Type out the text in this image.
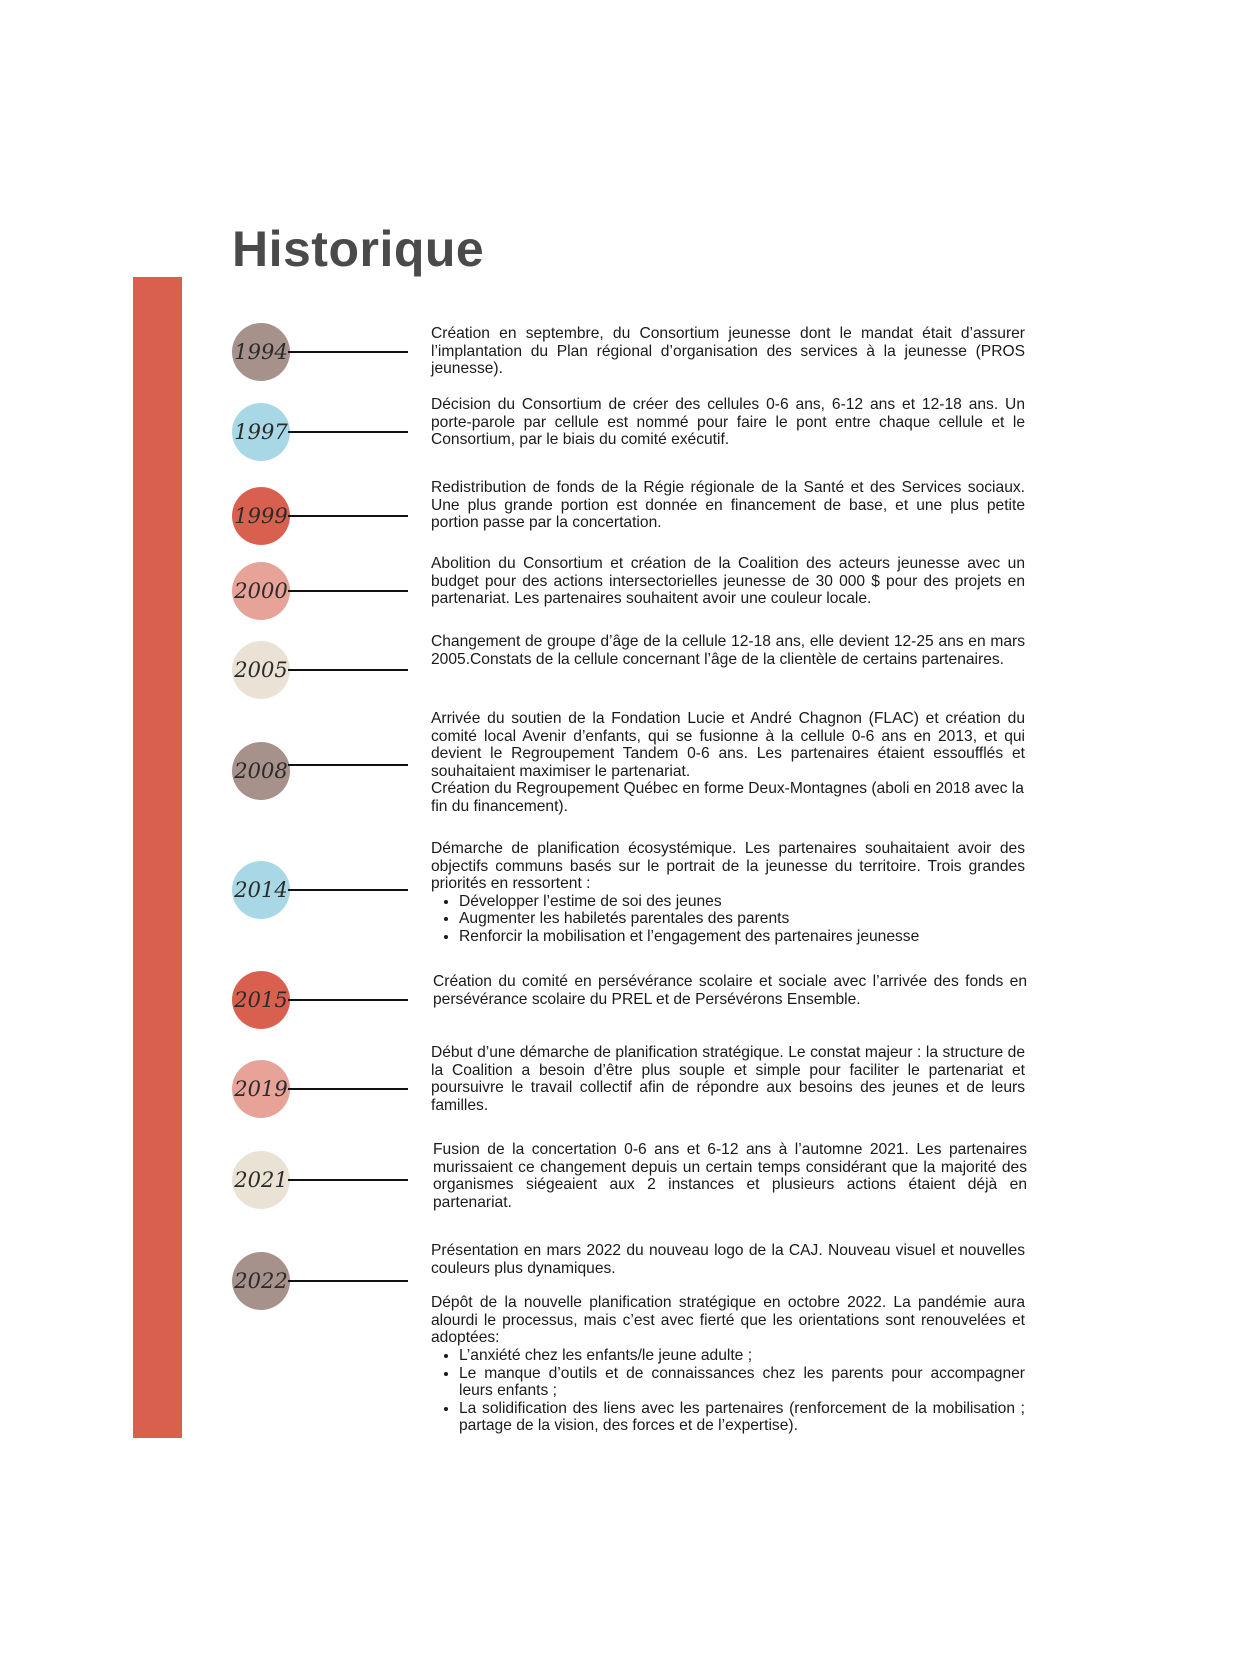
Historique
1994

Création en septembre, du Consortium jeunesse dont le mandat était d’assurer l’implantation du Plan régional d’organisation des services à la jeunesse (PROS jeunesse).

1997

Décision du Consortium de créer des cellules 0-6 ans, 6-12 ans et 12-18 ans. Un porte-parole par cellule est nommé pour faire le pont entre chaque cellule et le Consortium, par le biais du comité exécutif.

1999

Redistribution de fonds de la Régie régionale de la Santé et des Services sociaux. Une plus grande portion est donnée en financement de base, et une plus petite portion passe par la concertation.

2000

Abolition du Consortium et création de la Coalition des acteurs jeunesse avec un budget pour des actions intersectorielles jeunesse de 30 000 $ pour des projets en partenariat. Les partenaires souhaitent avoir une couleur locale.

2005

Changement de groupe d’âge de la cellule 12-18 ans, elle devient 12-25 ans en mars 2005.Constats de la cellule concernant l’âge de la clientèle de certains partenaires.

2008

Arrivée du soutien de la Fondation Lucie et André Chagnon (FLAC) et création du comité local Avenir d’enfants, qui se fusionne à la cellule 0-6 ans en 2013, et qui devient le Regroupement Tandem 0-6 ans. Les partenaires étaient essoufflés et souhaitaient maximiser le partenariat.

Création du Regroupement Québec en forme Deux-Montagnes (aboli en 2018 avec la fin du financement).

2014

Démarche de planification écosystémique. Les partenaires souhaitaient avoir des objectifs communs basés sur le portrait de la jeunesse du territoire. Trois grandes priorités en ressortent :

• Développer l’estime de soi des jeunes
• Augmenter les habiletés parentales des parents
• Renforcir la mobilisation et l’engagement des partenaires jeunesse
2015

Création du comité en persévérance scolaire et sociale avec l’arrivée des fonds en persévérance scolaire du PREL et de Persévérons Ensemble.

2019

Début d’une démarche de planification stratégique. Le constat majeur : la structure de la Coalition a besoin d’être plus souple et simple pour faciliter le partenariat et poursuivre le travail collectif afin de répondre aux besoins des jeunes et de leurs familles.

2021

Fusion de la concertation 0-6 ans et 6-12 ans à l’automne 2021. Les partenaires murissaient ce changement depuis un certain temps considérant que la majorité des organismes siégeaient aux 2 instances et plusieurs actions étaient déjà en partenariat.

2022

Présentation en mars 2022 du nouveau logo de la CAJ. Nouveau visuel et nouvelles couleurs plus dynamiques.

Dépôt de la nouvelle planification stratégique en octobre 2022. La pandémie aura alourdi le processus, mais c’est avec fierté que les orientations sont renouvelées et adoptées:

• L’anxiété chez les enfants/le jeune adulte ;
• Le manque d’outils et de connaissances chez les parents pour accompagner leurs enfants ;
• La solidification des liens avec les partenaires (renforcement de la mobilisation ; partage de la vision, des forces et de l’expertise).
